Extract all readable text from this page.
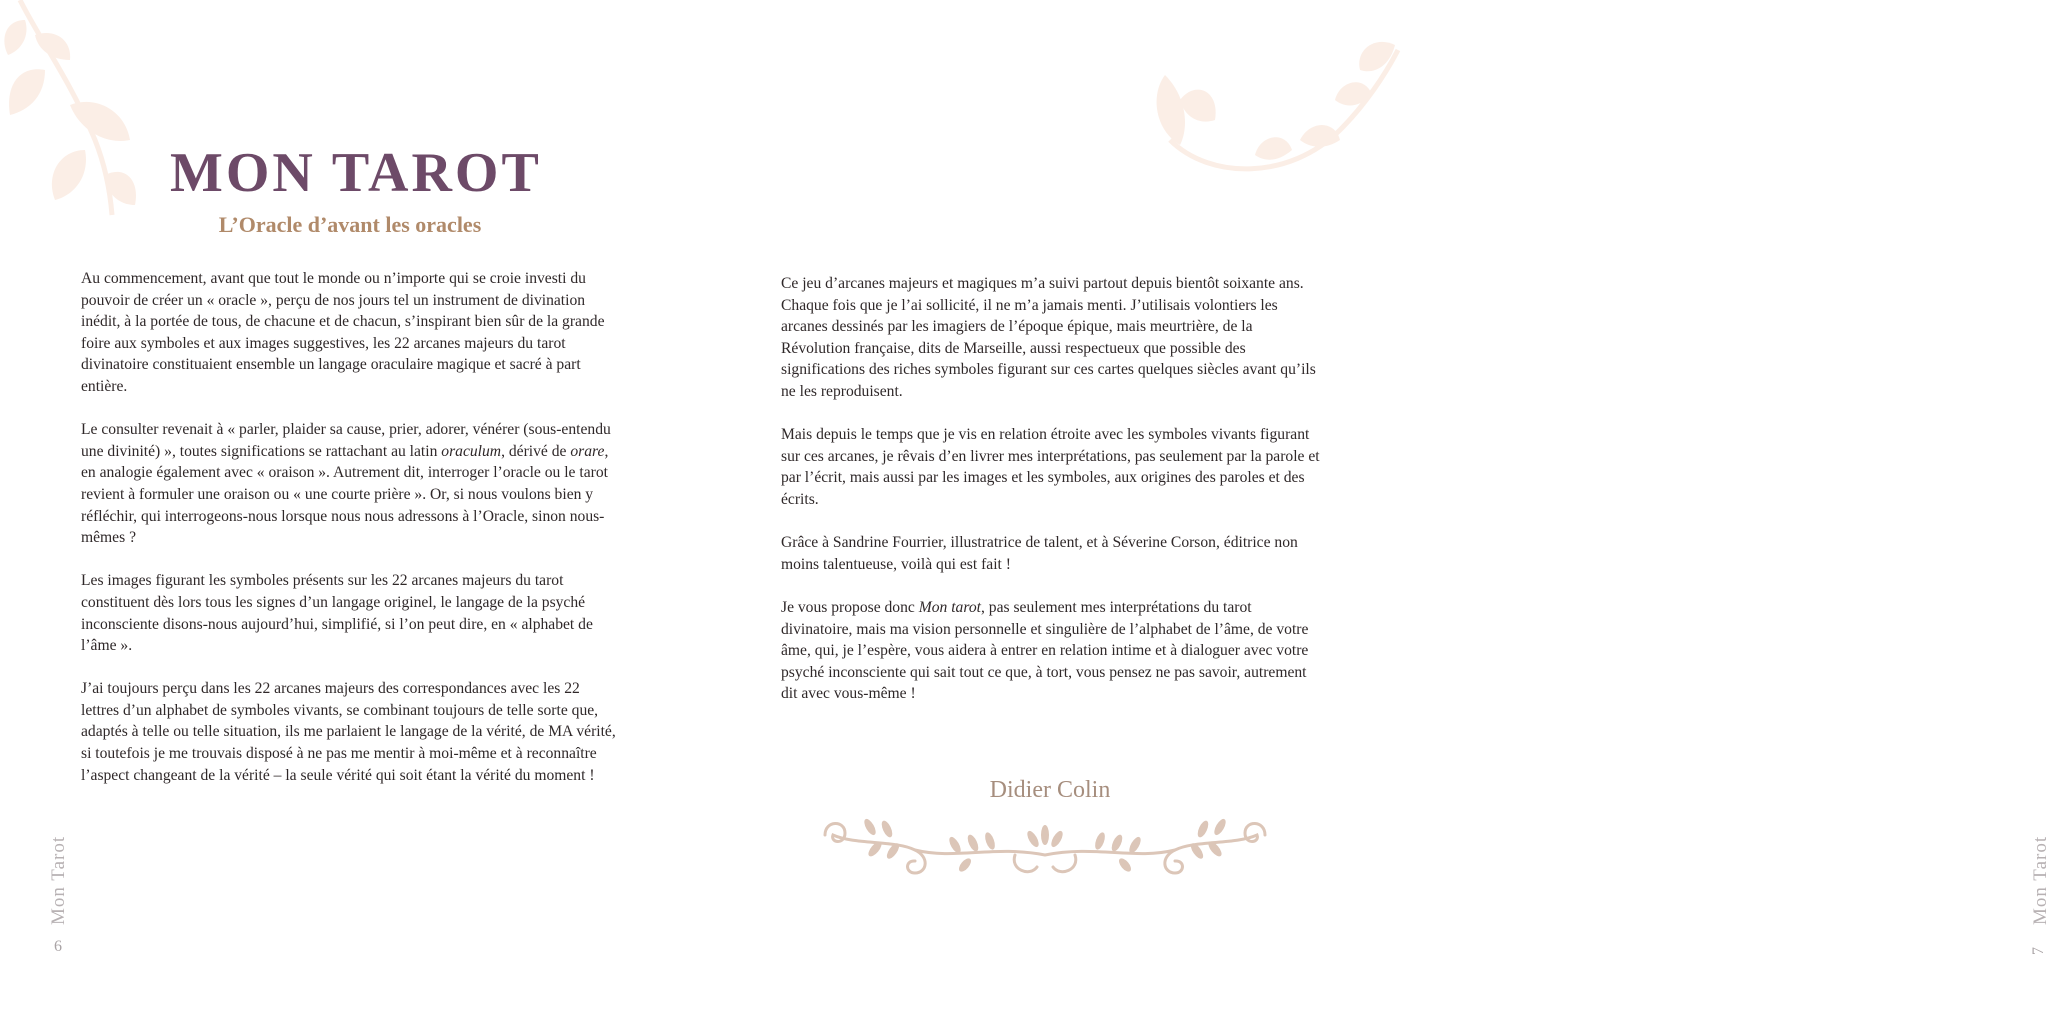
MON TAROT
L’Oracle d’avant les oracles

Au commencement, avant que tout le monde ou n’importe qui se croie investi du pouvoir de créer un « oracle », perçu de nos jours tel un instrument de divination inédit, à la portée de tous, de chacune et de chacun, s’inspirant bien sûr de la grande foire aux symboles et aux images suggestives, les 22 arcanes majeurs du tarot divinatoire constituaient ensemble un langage oraculaire magique et sacré à part entière.

Le consulter revenait à « parler, plaider sa cause, prier, adorer, vénérer (sous-entendu une divinité) », toutes significations se rattachant au latin oraculum, dérivé de orare, en analogie également avec « oraison ». Autrement dit, interroger l’oracle ou le tarot revient à formuler une oraison ou « une courte prière ». Or, si nous voulons bien y réfléchir, qui interrogeons-nous lorsque nous nous adressons à l’Oracle, sinon nous-mêmes ?

Les images figurant les symboles présents sur les 22 arcanes majeurs du tarot constituent dès lors tous les signes d’un langage originel, le langage de la psyché inconsciente disons-nous aujourd’hui, simplifié, si l’on peut dire, en « alphabet de l’âme ».

J’ai toujours perçu dans les 22 arcanes majeurs des correspondances avec les 22 lettres d’un alphabet de symboles vivants, se combinant toujours de telle sorte que, adaptés à telle ou telle situation, ils me parlaient le langage de la vérité, de MA vérité, si toutefois je me trouvais disposé à ne pas me mentir à moi-même et à reconnaître l’aspect changeant de la vérité – la seule vérité qui soit étant la vérité du moment !

Mon Tarot
6

Ce jeu d’arcanes majeurs et magiques m’a suivi partout depuis bientôt soixante ans. Chaque fois que je l’ai sollicité, il ne m’a jamais menti. J’utilisais volontiers les arcanes dessinés par les imagiers de l’époque épique, mais meurtrière, de la Révolution française, dits de Marseille, aussi respectueux que possible des significations des riches symboles figurant sur ces cartes quelques siècles avant qu’ils ne les reproduisent.

Mais depuis le temps que je vis en relation étroite avec les symboles vivants figurant sur ces arcanes, je rêvais d’en livrer mes interprétations, pas seulement par la parole et par l’écrit, mais aussi par les images et les symboles, aux origines des paroles et des écrits.

Grâce à Sandrine Fourrier, illustratrice de talent, et à Séverine Corson, éditrice non moins talentueuse, voilà qui est fait !

Je vous propose donc Mon tarot, pas seulement mes interprétations du tarot divinatoire, mais ma vision personnelle et singulière de l’alphabet de l’âme, de votre âme, qui, je l’espère, vous aidera à entrer en relation intime et à dialoguer avec votre psyché inconsciente qui sait tout ce que, à tort, vous pensez ne pas savoir, autrement dit avec vous-même !

Didier Colin
Mon Tarot
7
